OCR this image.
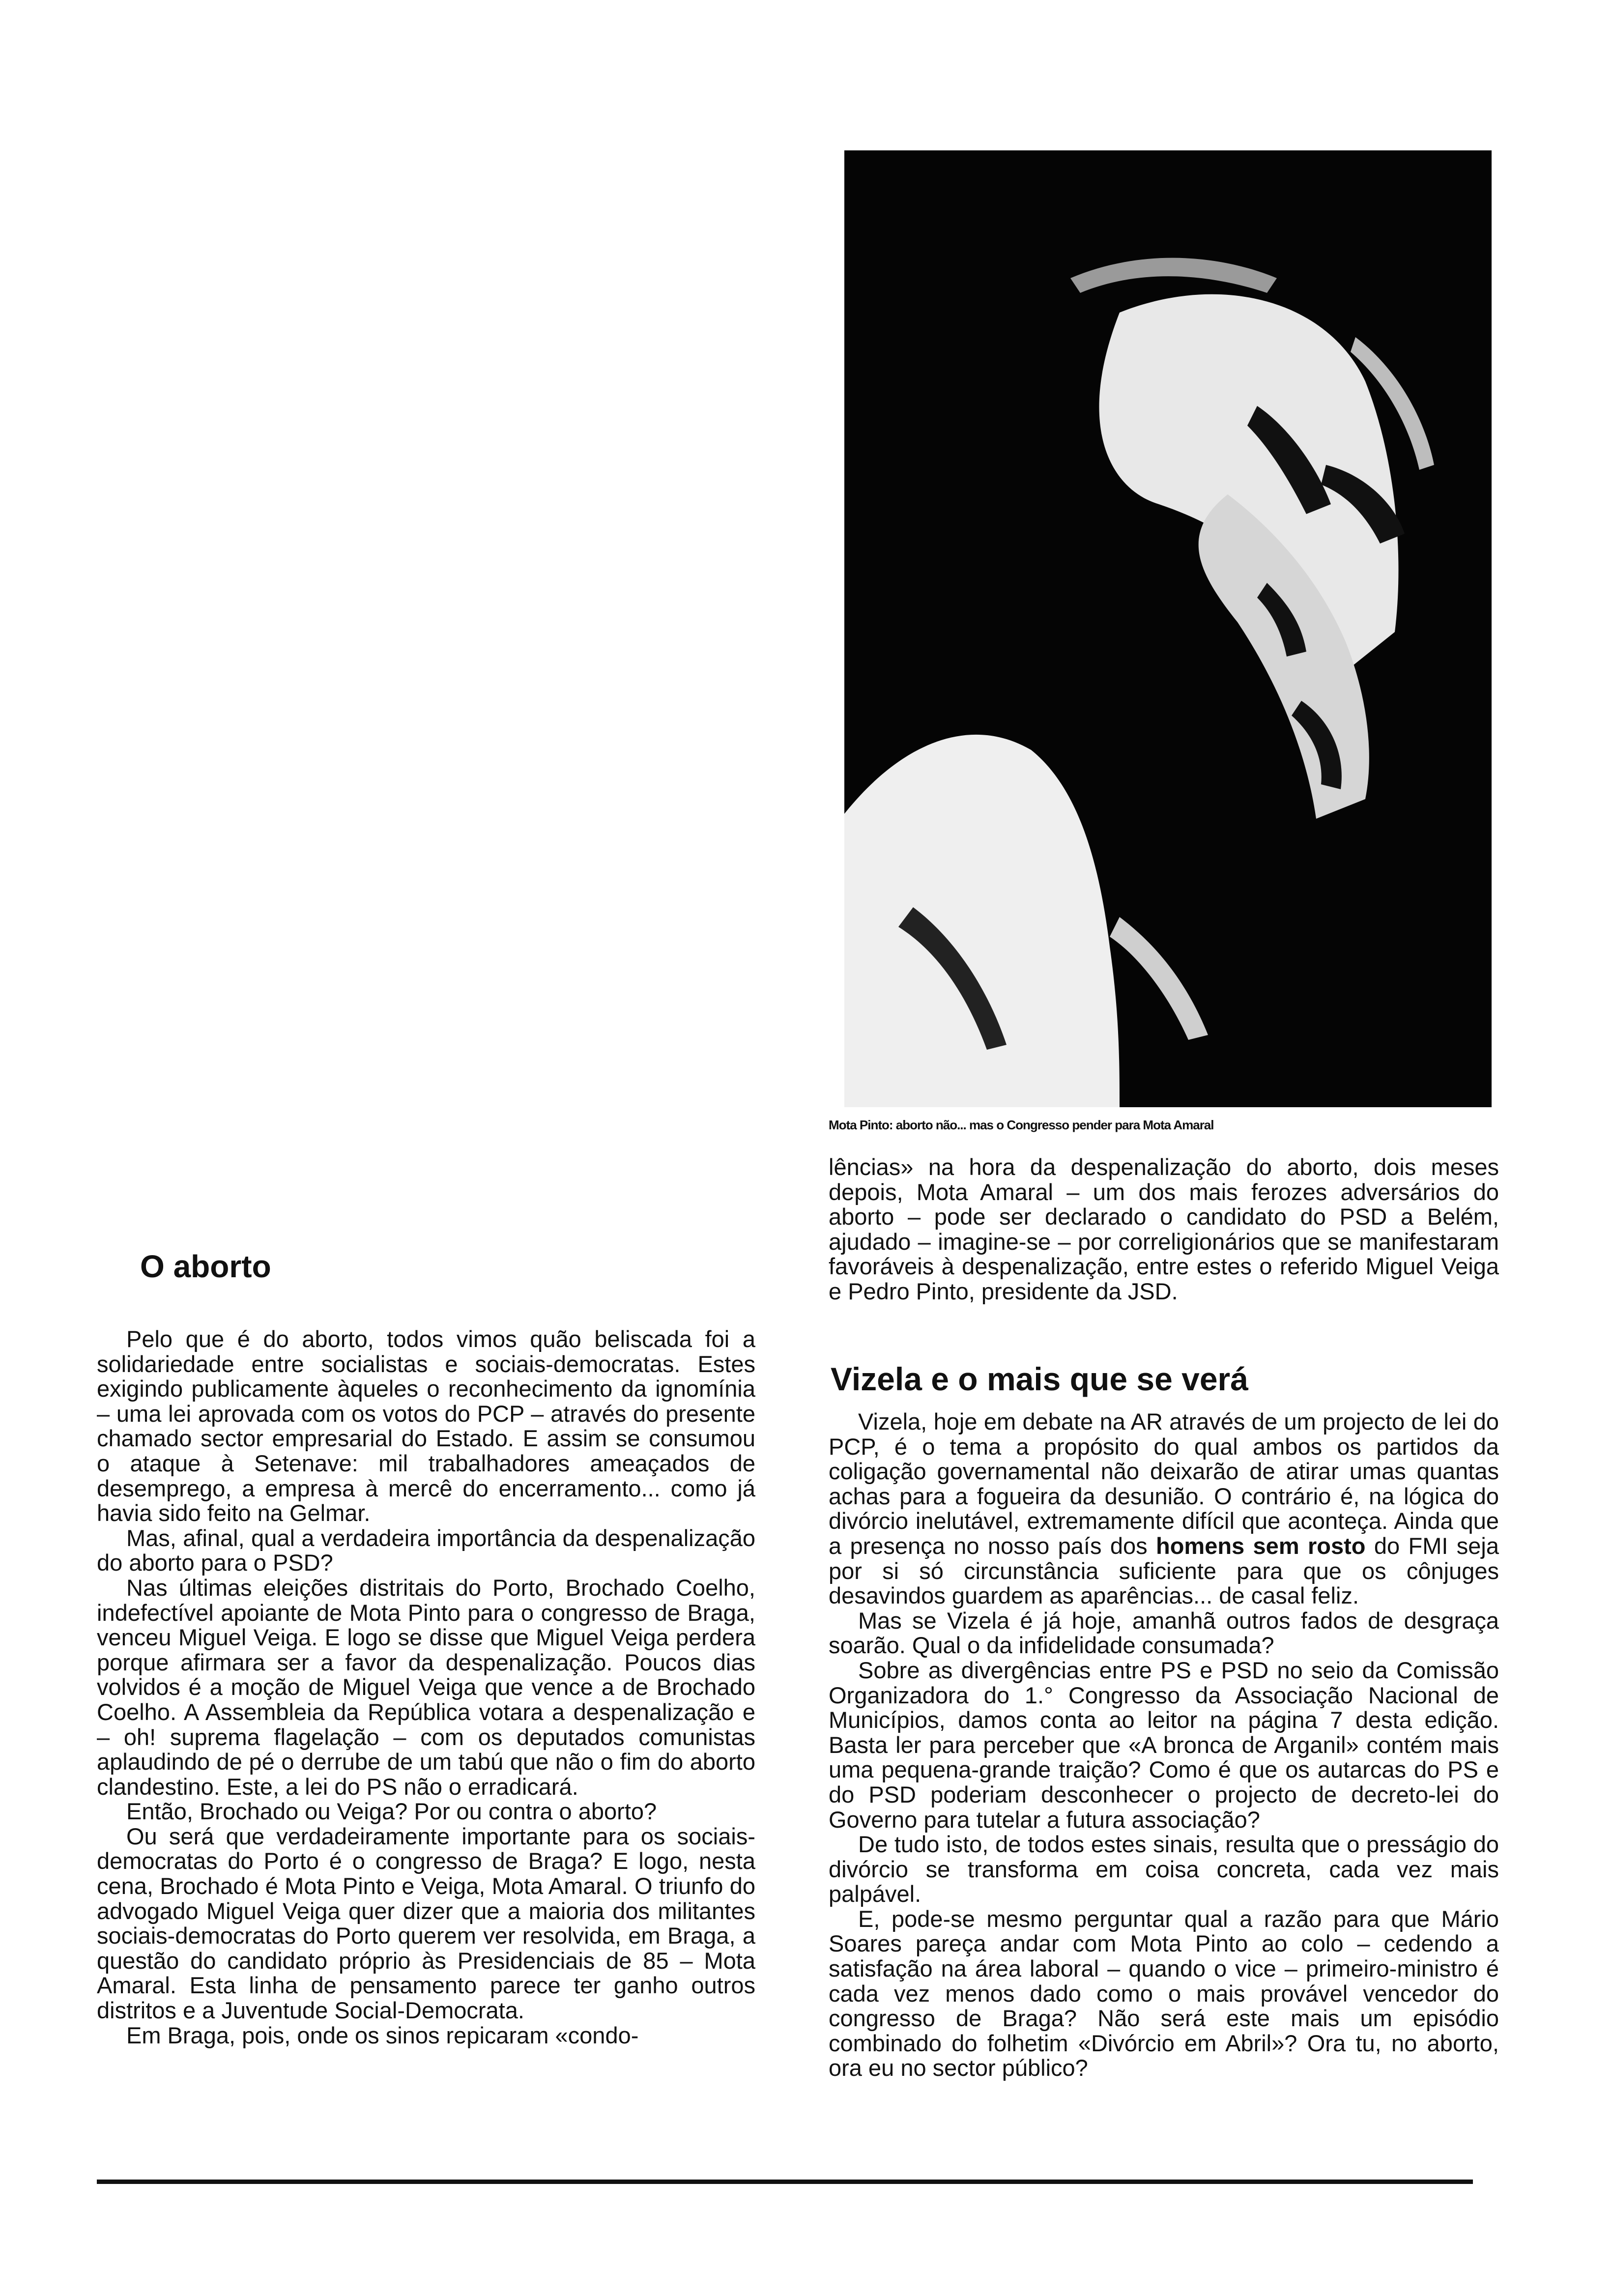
Mota Pinto: aborto não... mas o Congresso pender para Mota Amaral

lências» na hora da despenalização do aborto, dois meses depois, Mota Amaral – um dos mais ferozes adversários do aborto – pode ser declarado o candidato do PSD a Belém, ajudado – imagine-se – por correligionários que se manifestaram favoráveis à despenalização, entre estes o referido Miguel Veiga e Pedro Pinto, presidente da JSD.

O aborto

Pelo que é do aborto, todos vimos quão beliscada foi a solidariedade entre socialistas e sociais-democratas. Estes exigindo publicamente àqueles o reconhecimento da ignomínia – uma lei aprovada com os votos do PCP – através do presente chamado sector empresarial do Estado. E assim se consumou o ataque à Setenave: mil trabalhadores ameaçados de desemprego, a empresa à mercê do encerramento... como já havia sido feito na Gelmar.

Mas, afinal, qual a verdadeira importância da despenalização do aborto para o PSD?

Nas últimas eleições distritais do Porto, Brochado Coelho, indefectível apoiante de Mota Pinto para o congresso de Braga, venceu Miguel Veiga. E logo se disse que Miguel Veiga perdera porque afirmara ser a favor da despenalização. Poucos dias volvidos é a moção de Miguel Veiga que vence a de Brochado Coelho. A Assembleia da República votara a despenalização e – oh! suprema flagelação – com os deputados comunistas aplaudindo de pé o derrube de um tabú que não o fim do aborto clandestino. Este, a lei do PS não o erradicará.

Então, Brochado ou Veiga? Por ou contra o aborto?

Ou será que verdadeiramente importante para os sociais-democratas do Porto é o congresso de Braga? E logo, nesta cena, Brochado é Mota Pinto e Veiga, Mota Amaral. O triunfo do advogado Miguel Veiga quer dizer que a maioria dos militantes sociais-democratas do Porto querem ver resolvida, em Braga, a questão do candidato próprio às Presidenciais de 85 – Mota Amaral. Esta linha de pensamento parece ter ganho outros distritos e a Juventude Social-Democrata.

Em Braga, pois, onde os sinos repicaram «condo-

Vizela e o mais que se verá

Vizela, hoje em debate na AR através de um projecto de lei do PCP, é o tema a propósito do qual ambos os partidos da coligação governamental não deixarão de atirar umas quantas achas para a fogueira da desunião. O contrário é, na lógica do divórcio inelutável, extremamente difícil que aconteça. Ainda que a presença no nosso país dos homens sem rosto do FMI seja por si só circunstância suficiente para que os cônjuges desavindos guardem as aparências... de casal feliz.

Mas se Vizela é já hoje, amanhã outros fados de desgraça soarão. Qual o da infidelidade consumada?

Sobre as divergências entre PS e PSD no seio da Comissão Organizadora do 1.° Congresso da Associação Nacional de Municípios, damos conta ao leitor na página 7 desta edição. Basta ler para perceber que «A bronca de Arganil» contém mais uma pequena-grande traição? Como é que os autarcas do PS e do PSD poderiam desconhecer o projecto de decreto-lei do Governo para tutelar a futura associação?

De tudo isto, de todos estes sinais, resulta que o presságio do divórcio se transforma em coisa concreta, cada vez mais palpável.

E, pode-se mesmo perguntar qual a razão para que Mário Soares pareça andar com Mota Pinto ao colo – cedendo a satisfação na área laboral – quando o vice – primeiro-ministro é cada vez menos dado como o mais provável vencedor do congresso de Braga? Não será este mais um episódio combinado do folhetim «Divórcio em Abril»? Ora tu, no aborto, ora eu no sector público?
